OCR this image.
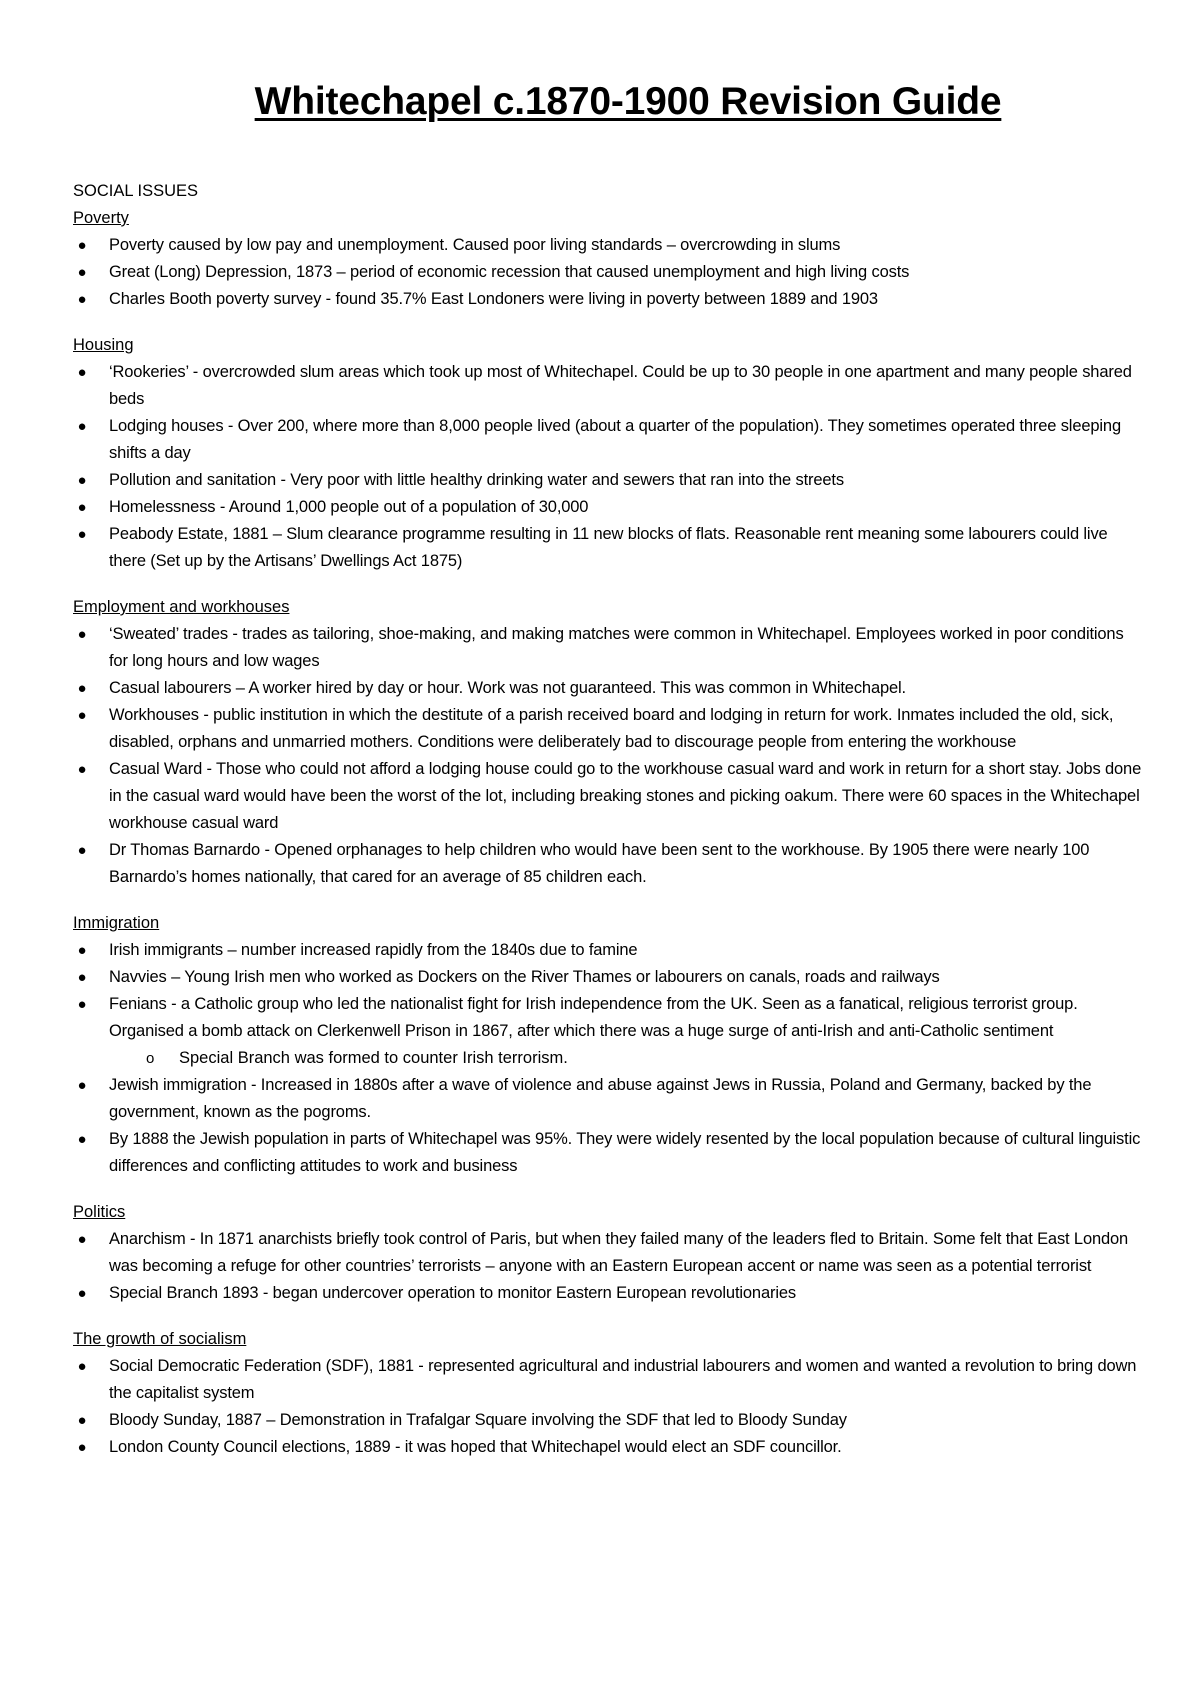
Whitechapel c.1870-1900 Revision Guide

SOCIAL ISSUES

Poverty

● Poverty caused by low pay and unemployment. Caused poor living standards – overcrowding in slums
● Great (Long) Depression, 1873 – period of economic recession that caused unemployment and high living costs
● Charles Booth poverty survey - found 35.7% East Londoners were living in poverty between 1889 and 1903

Housing

● ‘Rookeries’ - overcrowded slum areas which took up most of Whitechapel. Could be up to 30 people in one apartment and many people shared beds
● Lodging houses - Over 200, where more than 8,000 people lived (about a quarter of the population). They sometimes operated three sleeping shifts a day
● Pollution and sanitation - Very poor with little healthy drinking water and sewers that ran into the streets
● Homelessness - Around 1,000 people out of a population of 30,000
● Peabody Estate, 1881 – Slum clearance programme resulting in 11 new blocks of flats. Reasonable rent meaning some labourers could live there (Set up by the Artisans’ Dwellings Act 1875)

Employment and workhouses

● ‘Sweated’ trades - trades as tailoring, shoe-making, and making matches were common in Whitechapel. Employees worked in poor conditions for long hours and low wages
● Casual labourers – A worker hired by day or hour. Work was not guaranteed. This was common in Whitechapel.
● Workhouses - public institution in which the destitute of a parish received board and lodging in return for work. Inmates included the old, sick, disabled, orphans and unmarried mothers. Conditions were deliberately bad to discourage people from entering the workhouse
● Casual Ward - Those who could not afford a lodging house could go to the workhouse casual ward and work in return for a short stay. Jobs done in the casual ward would have been the worst of the lot, including breaking stones and picking oakum. There were 60 spaces in the Whitechapel workhouse casual ward
● Dr Thomas Barnardo - Opened orphanages to help children who would have been sent to the workhouse. By 1905 there were nearly 100 Barnardo’s homes nationally, that cared for an average of 85 children each.

Immigration

● Irish immigrants – number increased rapidly from the 1840s due to famine
● Navvies – Young Irish men who worked as Dockers on the River Thames or labourers on canals, roads and railways
● Fenians - a Catholic group who led the nationalist fight for Irish independence from the UK. Seen as a fanatical, religious terrorist group. Organised a bomb attack on Clerkenwell Prison in 1867, after which there was a huge surge of anti-Irish and anti-Catholic sentiment
o Special Branch was formed to counter Irish terrorism.
● Jewish immigration - Increased in 1880s after a wave of violence and abuse against Jews in Russia, Poland and Germany, backed by the government, known as the pogroms.
● By 1888 the Jewish population in parts of Whitechapel was 95%. They were widely resented by the local population because of cultural linguistic differences and conflicting attitudes to work and business

Politics

● Anarchism - In 1871 anarchists briefly took control of Paris, but when they failed many of the leaders fled to Britain. Some felt that East London was becoming a refuge for other countries’ terrorists – anyone with an Eastern European accent or name was seen as a potential terrorist
● Special Branch 1893 - began undercover operation to monitor Eastern European revolutionaries

The growth of socialism

● Social Democratic Federation (SDF), 1881 - represented agricultural and industrial labourers and women and wanted a revolution to bring down the capitalist system
● Bloody Sunday, 1887 – Demonstration in Trafalgar Square involving the SDF that led to Bloody Sunday
● London County Council elections, 1889 - it was hoped that Whitechapel would elect an SDF councillor.
